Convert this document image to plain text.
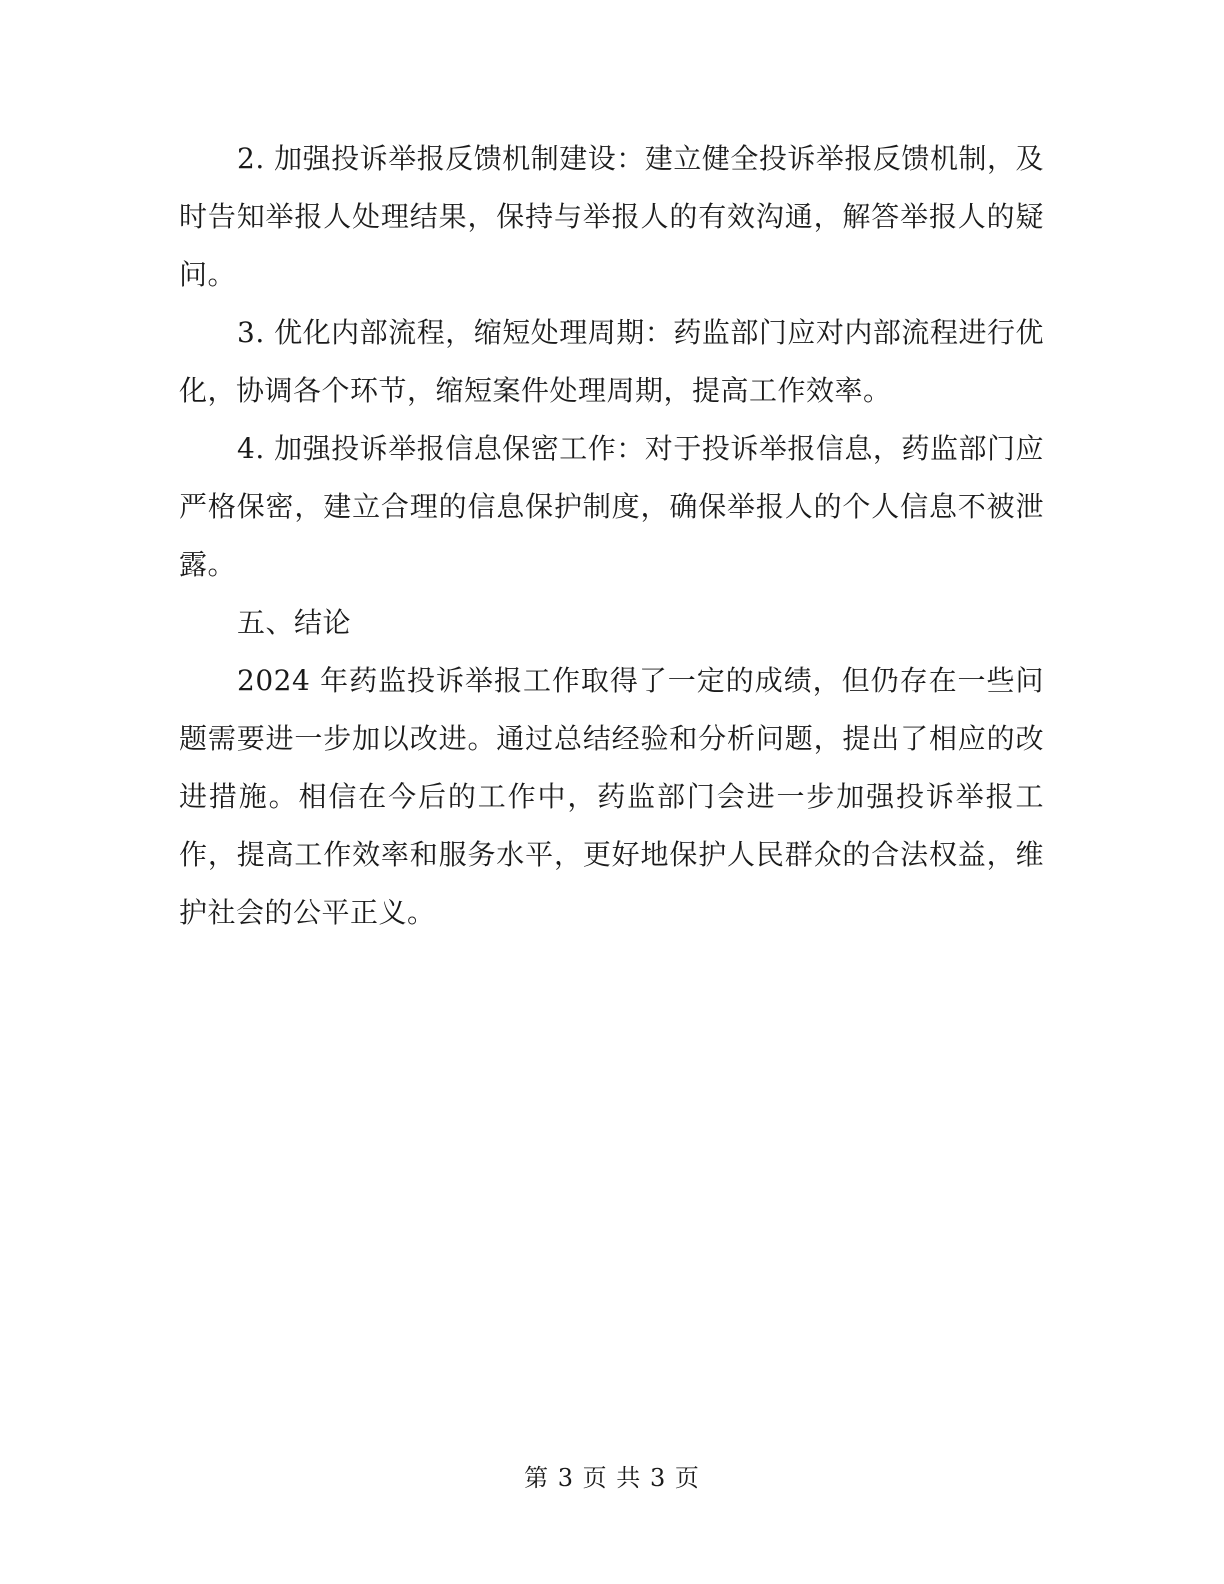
2. 加强投诉举报反馈机制建设：建立健全投诉举报反馈机制，及时告知举报人处理结果，保持与举报人的有效沟通，解答举报人的疑问。

3. 优化内部流程，缩短处理周期：药监部门应对内部流程进行优化，协调各个环节，缩短案件处理周期，提高工作效率。

4. 加强投诉举报信息保密工作：对于投诉举报信息，药监部门应严格保密，建立合理的信息保护制度，确保举报人的个人信息不被泄露。

五、结论

2024 年药监投诉举报工作取得了一定的成绩，但仍存在一些问题需要进一步加以改进。通过总结经验和分析问题，提出了相应的改进措施。相信在今后的工作中，药监部门会进一步加强投诉举报工作，提高工作效率和服务水平，更好地保护人民群众的合法权益，维护社会的公平正义。

第 3 页 共 3 页
